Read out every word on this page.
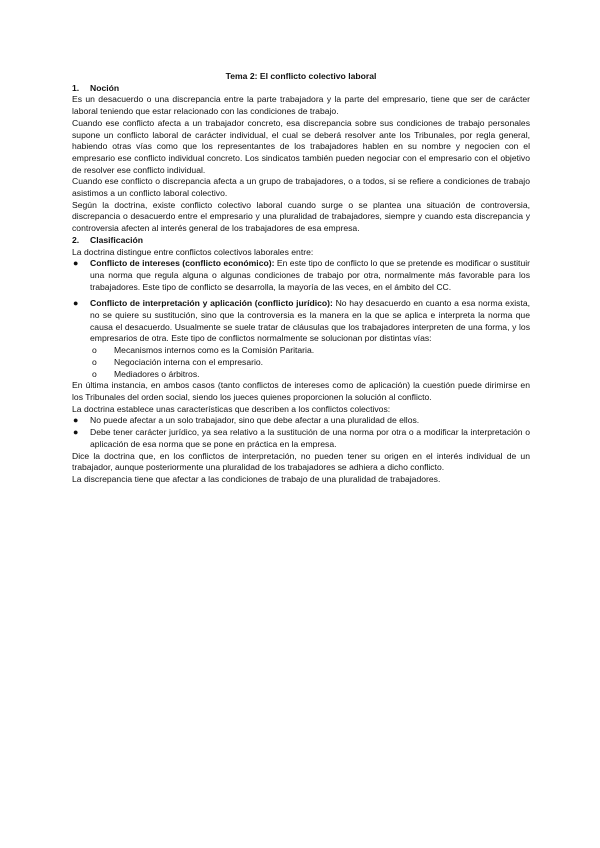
Tema 2: El conflicto colectivo laboral
1.	Noción

Es un desacuerdo o una discrepancia entre la parte trabajadora y la parte del empresario, tiene que ser de carácter laboral teniendo que estar relacionado con las condiciones de trabajo.

Cuando ese conflicto afecta a un trabajador concreto, esa discrepancia sobre sus condiciones de trabajo personales supone un conflicto laboral de carácter individual, el cual se deberá resolver ante los Tribunales, por regla general, habiendo otras vías como que los representantes de los trabajadores hablen en su nombre y negocien con el empresario ese conflicto individual concreto. Los sindicatos también pueden negociar con el empresario con el objetivo de resolver ese conflicto individual.

Cuando ese conflicto o discrepancia afecta a un grupo de trabajadores, o a todos, si se refiere a condiciones de trabajo asistimos a un conflicto laboral colectivo.

Según la doctrina, existe conflicto colectivo laboral cuando surge o se plantea una situación de controversia, discrepancia o desacuerdo entre el empresario y una pluralidad de trabajadores, siempre y cuando esta discrepancia y controversia afecten al interés general de los trabajadores de esa empresa.

2.	Clasificación

La doctrina distingue entre conflictos colectivos laborales entre:

● Conflicto de intereses (conflicto económico): En este tipo de conflicto lo que se pretende es modificar o sustituir una norma que regula alguna o algunas condiciones de trabajo por otra, normalmente más favorable para los trabajadores. Este tipo de conflicto se desarrolla, la mayoría de las veces, en el ámbito del CC.
● Conflicto de interpretación y aplicación (conflicto jurídico): No hay desacuerdo en cuanto a esa norma exista, no se quiere su sustitución, sino que la controversia es la manera en la que se aplica e interpreta la norma que causa el desacuerdo. Usualmente se suele tratar de cláusulas que los trabajadores interpreten de una forma, y los empresarios de otra. Este tipo de conflictos normalmente se solucionan por distintas vías:
o Mecanismos internos como es la Comisión Paritaria.
o Negociación interna con el empresario.
o Mediadores o árbitros.

En última instancia, en ambos casos (tanto conflictos de intereses como de aplicación) la cuestión puede dirimirse en los Tribunales del orden social, siendo los jueces quienes proporcionen la solución al conflicto.

La doctrina establece unas características que describen a los conflictos colectivos:

● No puede afectar a un solo trabajador, sino que debe afectar a una pluralidad de ellos.
● Debe tener carácter jurídico, ya sea relativo a la sustitución de una norma por otra o a modificar la interpretación o aplicación de esa norma que se pone en práctica en la empresa.

Dice la doctrina que, en los conflictos de interpretación, no pueden tener su origen en el interés individual de un trabajador, aunque posteriormente una pluralidad de los trabajadores se adhiera a dicho conflicto.

La discrepancia tiene que afectar a las condiciones de trabajo de una pluralidad de trabajadores.
